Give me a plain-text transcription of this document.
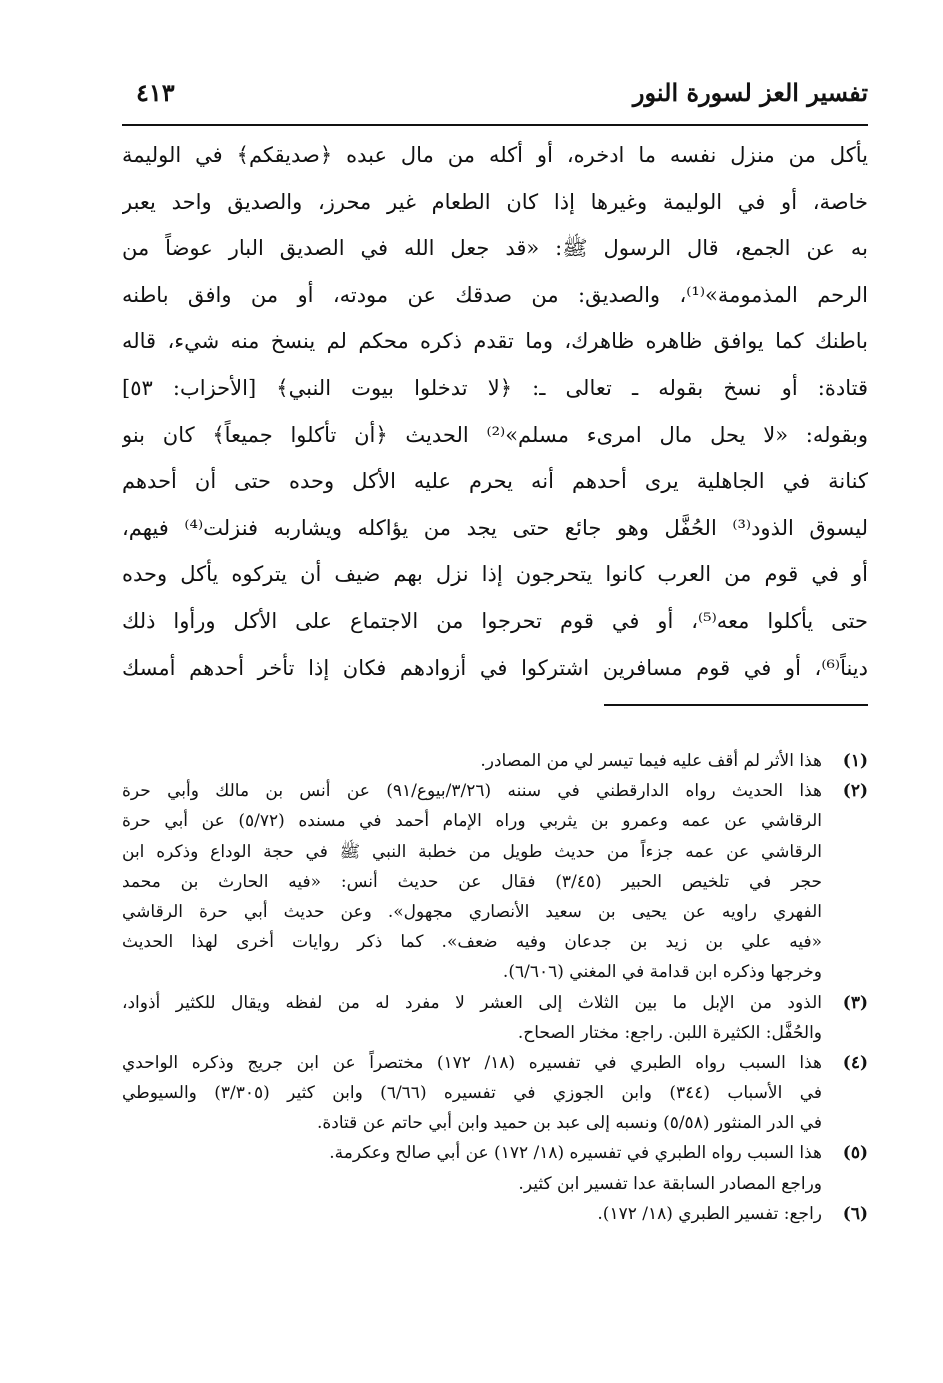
تفسير العز لسورة النور
٤١٣
يأكل من منزل نفسه ما ادخره، أو أكله من مال عبده ﴿صديقكم﴾ في الوليمة
خاصة، أو في الوليمة وغيرها إذا كان الطعام غير محرز، والصديق واحد يعبر
به عن الجمع، قال الرسول ﷺ: «قد جعل الله في الصديق البار عوضاً من
الرحم المذمومة»⁽¹⁾، والصديق: من صدقك عن مودته، أو من وافق باطنه
باطنك كما يوافق ظاهره ظاهرك، وما تقدم ذكره محكم لم ينسخ منه شيء، قاله
قتادة: أو نسخ بقوله ـ تعالى ـ: ﴿لا تدخلوا بيوت النبي﴾ [الأحزاب: ٥٣]
وبقوله: «لا يحل مال امرىء مسلم»⁽²⁾ الحديث ﴿أن تأكلوا جميعاً﴾ كان بنو
كنانة في الجاهلية يرى أحدهم أنه يحرم عليه الأكل وحده حتى أن أحدهم
ليسوق الذود⁽³⁾ الحُفَّل وهو جائع حتى يجد من يؤاكله ويشاربه فنزلت⁽⁴⁾ فيهم،
أو في قوم من العرب كانوا يتحرجون إذا نزل بهم ضيف أن يتركوه يأكل وحده
حتى يأكلوا معه⁽⁵⁾، أو في قوم تحرجوا من الاجتماع على الأكل ورأوا ذلك
ديناً⁽⁶⁾، أو في قوم مسافرين اشتركوا في أزوادهم فكان إذا تأخر أحدهم أمسك
(١)
هذا الأثر لم أقف عليه فيما تيسر لي من المصادر.
(٢)
هذا الحديث رواه الدارقطني في سننه (٣/٢٦/بيوع/٩١) عن أنس بن مالك وأبي حرة
الرقاشي عن عمه وعمرو بن يثربي وراه الإمام أحمد في مسنده (٥/٧٢) عن أبي حرة
الرقاشي عن عمه جزءاً من حديث طويل من خطبة النبي ﷺ في حجة الوداع وذكره ابن
حجر في تلخيص الحبير (٣/٤٥) فقال عن حديث أنس: «فيه الحارث بن محمد
الفهري راويه عن يحيى بن سعيد الأنصاري مجهول». وعن حديث أبي حرة الرقاشي
«فيه علي بن زيد بن جدعان وفيه ضعف». كما ذكر روايات أخرى لهذا الحديث
وخرجها وذكره ابن قدامة في المغني (٦/٦٠٦).
(٣)
الذود من الإبل ما بين الثلاث إلى العشر لا مفرد له من لفظه ويقال للكثير أذواد،
والحُفَّل: الكثيرة اللبن. راجع: مختار الصحاح.
(٤)
هذا السبب رواه الطبري في تفسيره (١٨/ ١٧٢) مختصراً عن ابن جريج وذكره الواحدي
في الأسباب (٣٤٤) وابن الجوزي في تفسيره (٦/٦٦) وابن كثير (٣/٣٠٥) والسيوطي
في الدر المنثور (٥/٥٨) ونسبه إلى عبد بن حميد وابن أبي حاتم عن قتادة.
(٥)
هذا السبب رواه الطبري في تفسيره (١٨/ ١٧٢) عن أبي صالح وعكرمة.
وراجع المصادر السابقة عدا تفسير ابن كثير.
(٦)
راجع: تفسير الطبري (١٨/ ١٧٢).
